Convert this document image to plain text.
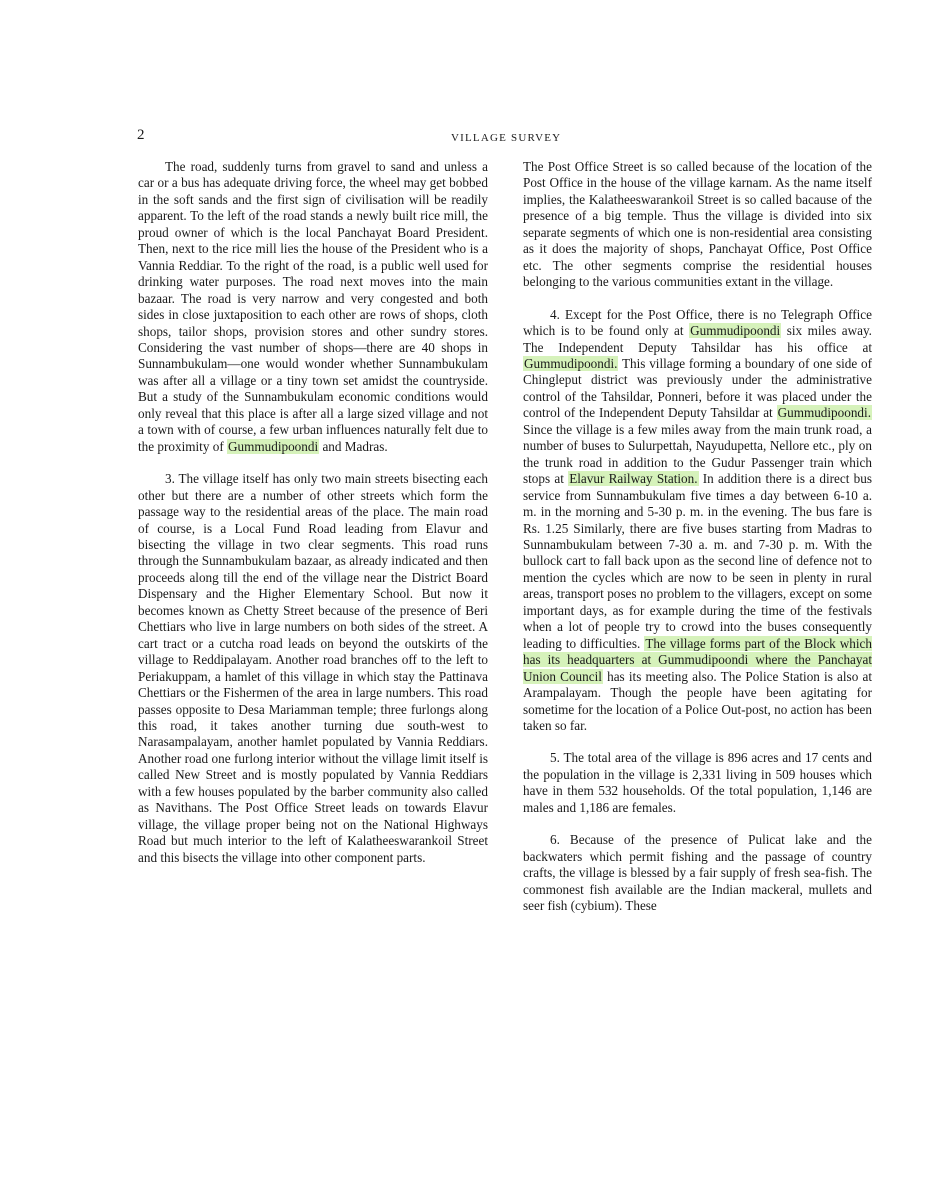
2	VILLAGE SURVEY

The road, suddenly turns from gravel to sand and unless a car or a bus has adequate driving force, the wheel may get bobbed in the soft sands and the first sign of civilisation will be readily apparent. To the left of the road stands a newly built rice mill, the proud owner of which is the local Panchayat Board President. Then, next to the rice mill lies the house of the President who is a Vannia Reddiar. To the right of the road, is a public well used for drinking water purposes. The road next moves into the main bazaar. The road is very narrow and very congested and both sides in close juxtaposition to each other are rows of shops, cloth shops, tailor shops, provision stores and other sundry stores. Considering the vast number of shops—there are 40 shops in Sunnambukulam—one would wonder whether Sunnambukulam was after all a village or a tiny town set amidst the countryside. But a study of the Sunnambukulam economic conditions would only reveal that this place is after all a large sized village and not a town with of course, a few urban influences naturally felt due to the proximity of Gummudipoondi and Madras.

3. The village itself has only two main streets bisecting each other but there are a number of other streets which form the passage way to the residential areas of the place. The main road of course, is a Local Fund Road leading from Elavur and bisecting the village in two clear segments. This road runs through the Sunnambukulam bazaar, as already indicated and then proceeds along till the end of the village near the District Board Dispensary and the Higher Elementary School. But now it becomes known as Chetty Street because of the presence of Beri Chettiars who live in large numbers on both sides of the street. A cart tract or a cutcha road leads on beyond the outskirts of the village to Reddipalayam. Another road branches off to the left to Periakuppam, a hamlet of this village in which stay the Pattinava Chettiars or the Fishermen of the area in large numbers. This road passes opposite to Desa Mariamman temple; three furlongs along this road, it takes another turning due south-west to Narasampalayam, another hamlet populated by Vannia Reddiars. Another road one furlong interior without the village limit itself is called New Street and is mostly populated by Vannia Reddiars with a few houses populated by the barber community also called as Navithans. The Post Office Street leads on towards Elavur village, the village proper being not on the National Highways Road but much interior to the left of Kalatheeswarankoil Street and this bisects the village into other component parts.

The Post Office Street is so called because of the location of the Post Office in the house of the village karnam. As the name itself implies, the Kalatheeswarankoil Street is so called bacause of the presence of a big temple. Thus the village is divided into six separate segments of which one is non-residential area consisting as it does the majority of shops, Panchayat Office, Post Office etc. The other segments comprise the residential houses belonging to the various communities extant in the village.

4. Except for the Post Office, there is no Telegraph Office which is to be found only at Gummudipoondi six miles away. The Independent Deputy Tahsildar has his office at Gummudipoondi. This village forming a boundary of one side of Chingleput district was previously under the administrative control of the Tahsildar, Ponneri, before it was placed under the control of the Independent Deputy Tahsildar at Gummudipoondi. Since the village is a few miles away from the main trunk road, a number of buses to Sulurpettah, Nayudupetta, Nellore etc., ply on the trunk road in addition to the Gudur Passenger train which stops at Elavur Railway Station. In addition there is a direct bus service from Sunnambukulam five times a day between 6-10 a. m. in the morning and 5-30 p. m. in the evening. The bus fare is Rs. 1.25 Similarly, there are five buses starting from Madras to Sunnambukulam between 7-30 a. m. and 7-30 p. m. With the bullock cart to fall back upon as the second line of defence not to mention the cycles which are now to be seen in plenty in rural areas, transport poses no problem to the villagers, except on some important days, as for example during the time of the festivals when a lot of people try to crowd into the buses consequently leading to difficulties. The village forms part of the Block which has its headquarters at Gummudipoondi where the Panchayat Union Council has its meeting also. The Police Station is also at Arampalayam. Though the people have been agitating for sometime for the location of a Police Out-post, no action has been taken so far.

5. The total area of the village is 896 acres and 17 cents and the population in the village is 2,331 living in 509 houses which have in them 532 households. Of the total population, 1,146 are males and 1,186 are females.

6. Because of the presence of Pulicat lake and the backwaters which permit fishing and the passage of country crafts, the village is blessed by a fair supply of fresh sea-fish. The commonest fish available are the Indian mackeral, mullets and seer fish (cybium). These
